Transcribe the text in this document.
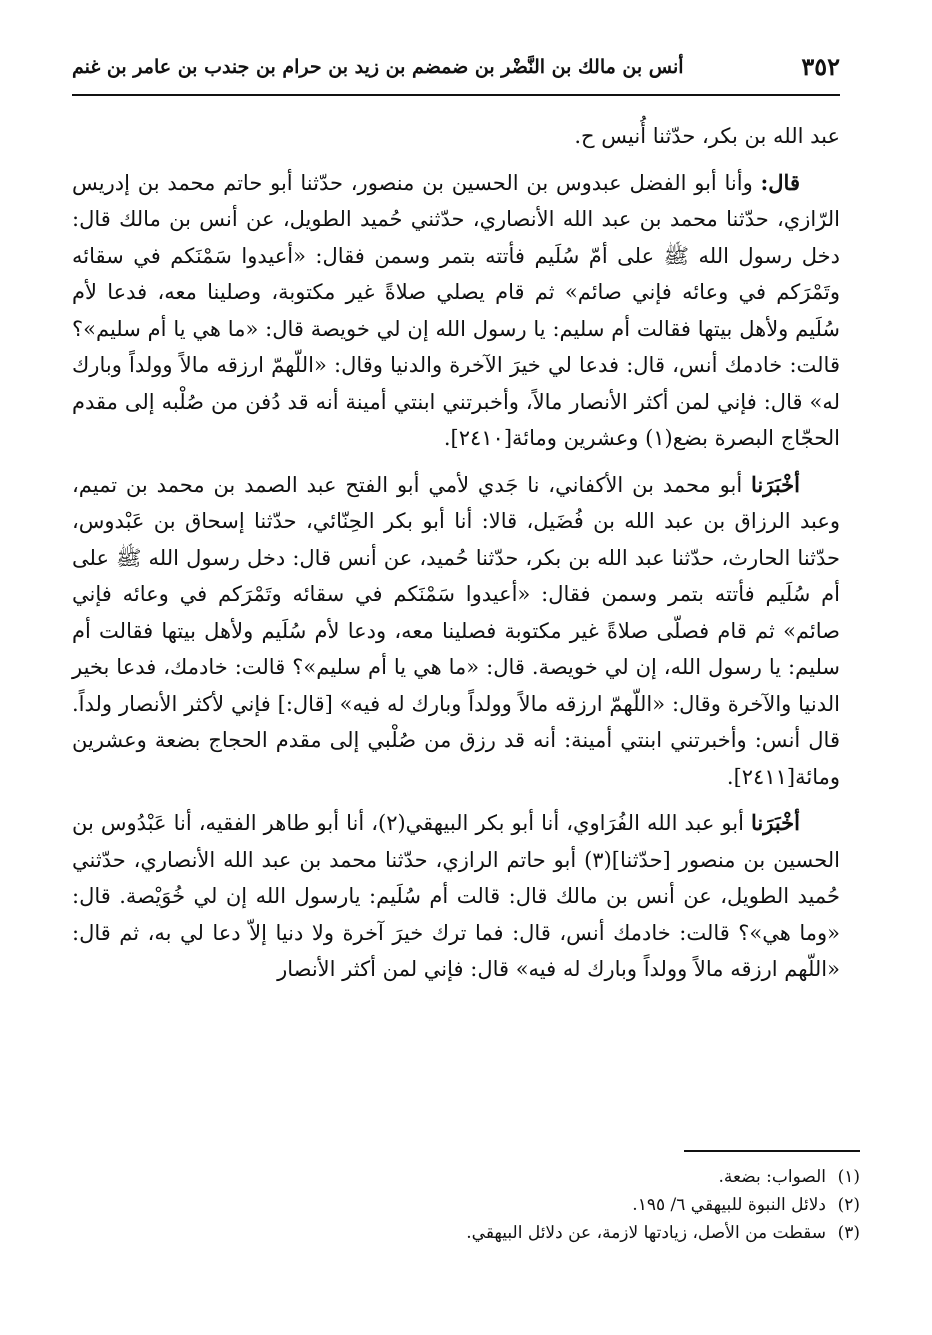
٣٥٢
أنس بن مالك بن النَّضْر بن ضمضم بن زيد بن حرام بن جندب بن عامر بن غنم

عبد الله بن بكر، حدّثنا أُنيس ح.

قال: وأنا أبو الفضل عبدوس بن الحسين بن منصور، حدّثنا أبو حاتم محمد بن إدريس الرّازي، حدّثنا محمد بن عبد الله الأنصاري، حدّثني حُميد الطويل، عن أنس بن مالك قال: دخل رسول الله ﷺ على أمّ سُلَيم فأتته بتمر وسمن فقال: «أعيدوا سَمْنَكم في سقائه وتَمْرَكم في وعائه فإني صائم» ثم قام يصلي صلاةً غير مكتوبة، وصلينا معه، فدعا لأم سُلَيم ولأهل بيتها فقالت أم سليم: يا رسول الله إن لي خويصة قال: «ما هي يا أم سليم»؟ قالت: خادمك أنس، قال: فدعا لي خيرَ الآخرة والدنيا وقال: «اللّهمّ ارزقه مالاً وولداً وبارك له» قال: فإني لمن أكثر الأنصار مالاً، وأخبرتني ابنتي أمينة أنه قد دُفن من صُلْبه إلى مقدم الحجّاج البصرة بضع(١) وعشرين ومائة[٢٤١٠].

أخْبَرَنا أبو محمد بن الأكفاني، نا جَدي لأمي أبو الفتح عبد الصمد بن محمد بن تميم، وعبد الرزاق بن عبد الله بن فُضَيل، قالا: أنا أبو بكر الحِنّائي، حدّثنا إسحاق بن عَبْدوس، حدّثنا الحارث، حدّثنا عبد الله بن بكر، حدّثنا حُميد، عن أنس قال: دخل رسول الله ﷺ على أم سُلَيم فأتته بتمر وسمن فقال: «أعيدوا سَمْنَكم في سقائه وتَمْرَكم في وعائه فإني صائم» ثم قام فصلّى صلاةً غير مكتوبة فصلينا معه، ودعا لأم سُلَيم ولأهل بيتها فقالت أم سليم: يا رسول الله، إن لي خويصة. قال: «ما هي يا أم سليم»؟ قالت: خادمك، فدعا بخير الدنيا والآخرة وقال: «اللّهمّ ارزقه مالاً وولداً وبارك له فيه» [قال:] فإني لأكثر الأنصار ولداً. قال أنس: وأخبرتني ابنتي أمينة: أنه قد رزق من صُلْبي إلى مقدم الحجاج بضعة وعشرين ومائة[٢٤١١].

أخْبَرَنا أبو عبد الله الفُرَاوي، أنا أبو بكر البيهقي(٢)، أنا أبو طاهر الفقيه، أنا عَبْدُوس بن الحسين بن منصور [حدّثنا](٣) أبو حاتم الرازي، حدّثنا محمد بن عبد الله الأنصاري، حدّثني حُميد الطويل، عن أنس بن مالك قال: قالت أم سُلَيم: يارسول الله إن لي خُوَيْصة. قال: «وما هي»؟ قالت: خادمك أنس، قال: فما ترك خيرَ آخرة ولا دنيا إلاّ دعا لي به، ثم قال: «اللّهم ارزقه مالاً وولداً وبارك له فيه» قال: فإني لمن أكثر الأنصار

(١)الصواب: بضعة.

(٢)دلائل النبوة للبيهقي ٦/ ١٩٥.

(٣)سقطت من الأصل، زيادتها لازمة، عن دلائل البيهقي.
